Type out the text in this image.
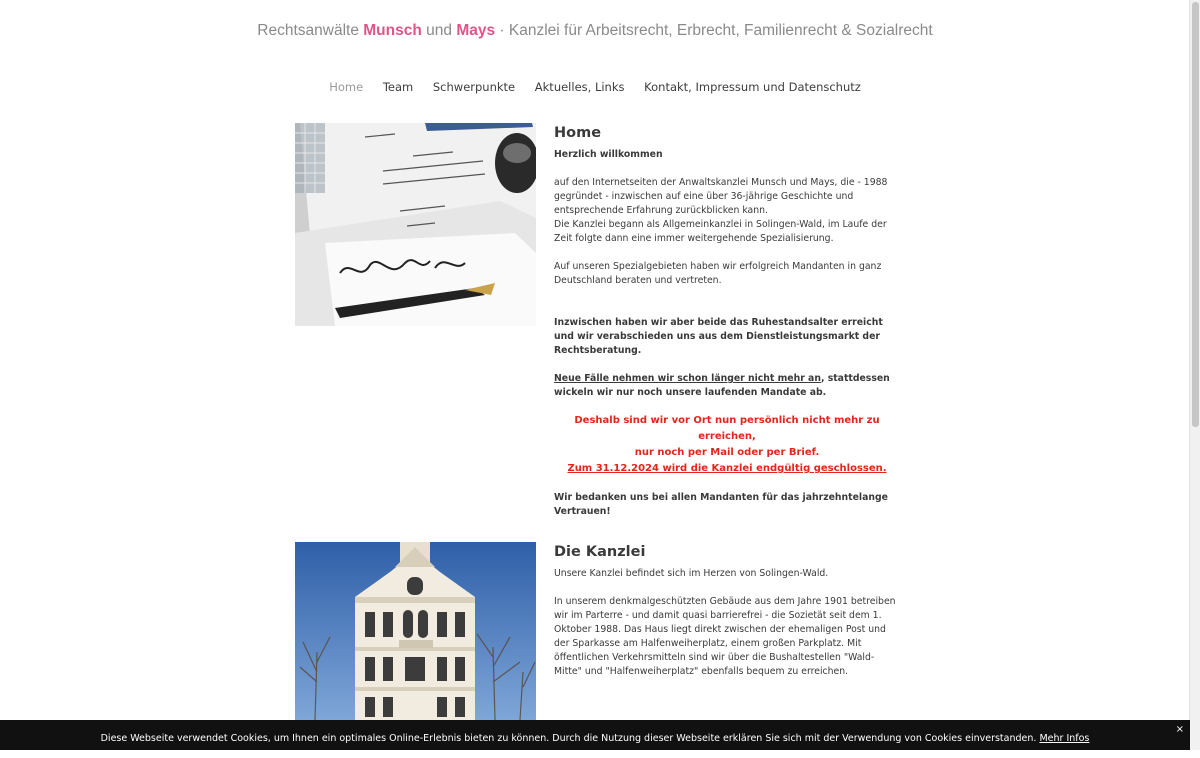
Rechtsanwälte Munsch und Mays · Kanzlei für Arbeitsrecht, Erbrecht, Familienrecht & Sozialrecht
Home Team Schwerpunkte Aktuelles, Links Kontakt, Impressum und Datenschutz
Home

Herzlich willkommen

auf den Internetseiten der Anwaltskanzlei Munsch und Mays, die - 1988 gegründet - inzwischen auf eine über 36-jährige Geschichte und entsprechende Erfahrung zurückblicken kann.

Die Kanzlei begann als Allgemeinkanzlei in Solingen-Wald, im Laufe der Zeit folgte dann eine immer weitergehende Spezialisierung.

Auf unseren Spezialgebieten haben wir erfolgreich Mandanten in ganz Deutschland beraten und vertreten.

Inzwischen haben wir aber beide das Ruhestandsalter erreicht und wir verabschieden uns aus dem Dienstleistungsmarkt der Rechtsberatung.

Neue Fälle nehmen wir schon länger nicht mehr an, stattdessen wickeln wir nur noch unsere laufenden Mandate ab.

Deshalb sind wir vor Ort nun persönlich nicht mehr zu erreichen,

nur noch per Mail oder per Brief.

Zum 31.12.2024 wird die Kanzlei endgültig geschlossen.

Wir bedanken uns bei allen Mandanten für das jahrzehntelange Vertrauen!

Die Kanzlei

Unsere Kanzlei befindet sich im Herzen von Solingen-Wald.

In unserem denkmalgeschützten Gebäude aus dem Jahre 1901 betreiben wir im Parterre - und damit quasi barrierefrei - die Sozietät seit dem 1. Oktober 1988. Das Haus liegt direkt zwischen der ehemaligen Post und der Sparkasse am Halfenweiherplatz, einem großen Parkplatz. Mit öffentlichen Verkehrsmitteln sind wir über die Bushaltestellen "Wald-Mitte" und "Halfenweiherplatz" ebenfalls bequem zu erreichen.

Diese Webseite verwendet Cookies, um Ihnen ein optimales Online-Erlebnis bieten zu können. Durch die Nutzung dieser Webseite erklären Sie sich mit der Verwendung von Cookies einverstanden. Mehr Infos
×
